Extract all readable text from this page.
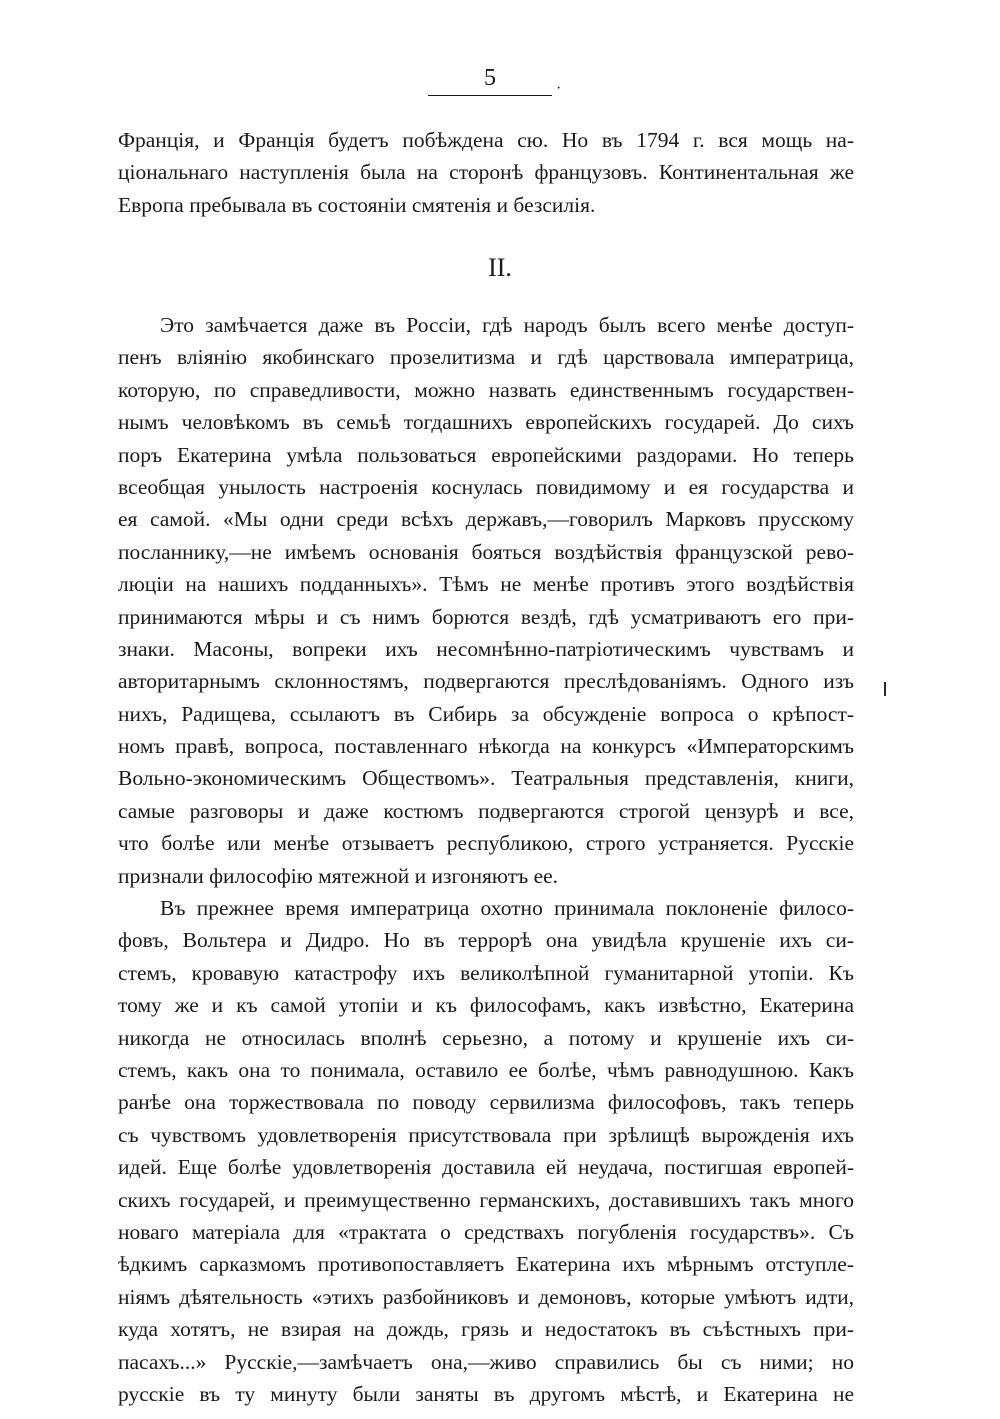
5	·
Франція, и Франція будетъ побѣждена сю. Но въ 1794 г. вся мощь на-
ціональнаго наступленія была на сторонѣ французовъ. Континентальная же
Европа пребывала въ состояніи смятенія и безсилія.
II.
Это замѣчается даже въ Россіи, гдѣ народъ былъ всего менѣе доступ-
пенъ вліянію якобинскаго прозелитизма и гдѣ царствовала императрица,
которую, по справедливости, можно назвать единственнымъ государствен-
нымъ человѣкомъ въ семьѣ тогдашнихъ европейскихъ государей. До сихъ
поръ Екатерина умѣла пользоваться европейскими раздорами. Но теперь
всеобщая унылость настроенія коснулась повидимому и ея государства и
ея самой. «Мы одни среди всѣхъ державъ,—говорилъ Марковъ прусскому
посланнику,—не имѣемъ основанія бояться воздѣйствія французской рево-
люціи на нашихъ подданныхъ». Тѣмъ не менѣе противъ этого воздѣйствія
принимаются мѣры и съ нимъ борются вездѣ, гдѣ усматриваютъ его при-
знаки. Масоны, вопреки ихъ несомнѣнно-патріотическимъ чувствамъ и
авторитарнымъ склонностямъ, подвергаются преслѣдованіямъ. Одного изъ
нихъ, Радищева, ссылаютъ въ Сибирь за обсужденіе вопроса о крѣпост-
номъ правѣ, вопроса, поставленнаго нѣкогда на конкурсъ «Императорскимъ
Вольно-экономическимъ Обществомъ». Театральныя представленія, книги,
самые разговоры и даже костюмъ подвергаются строгой цензурѣ и все,
что болѣе или менѣе отзываетъ республикою, строго устраняется. Русскіе
признали философію мятежной и изгоняютъ ее.
Въ прежнее время императрица охотно принимала поклоненіе филосо-
фовъ, Вольтера и Дидро. Но въ террорѣ она увидѣла крушеніе ихъ си-
стемъ, кровавую катастрофу ихъ великолѣпной гуманитарной утопіи. Къ
тому же и къ самой утопіи и къ философамъ, какъ извѣстно, Екатерина
никогда не относилась вполнѣ серьезно, а потому и крушеніе ихъ си-
стемъ, какъ она то понимала, оставило ее болѣе, чѣмъ равнодушною. Какъ
ранѣе она торжествовала по поводу сервилизма философовъ, такъ теперь
съ чувствомъ удовлетворенія присутствовала при зрѣлищѣ вырожденія ихъ
идей. Еще болѣе удовлетворенія доставила ей неудача, постигшая европей-
скихъ государей, и преимущественно германскихъ, доставившихъ такъ много
новаго матеріала для «трактата о средствахъ погубленія государствъ». Съ
ѣдкимъ сарказмомъ противопоставляетъ Екатерина ихъ мѣрнымъ отступле-
ніямъ дѣятельность «этихъ разбойниковъ и демоновъ, которые умѣютъ идти,
куда хотятъ, не взирая на дождь, грязь и недостатокъ въ съѣстныхъ при-
пасахъ...» Русскіе,—замѣчаетъ она,—живо справились бы съ ними; но
русскіе въ ту минуту были заняты въ другомъ мѣстѣ, и Екатерина не
